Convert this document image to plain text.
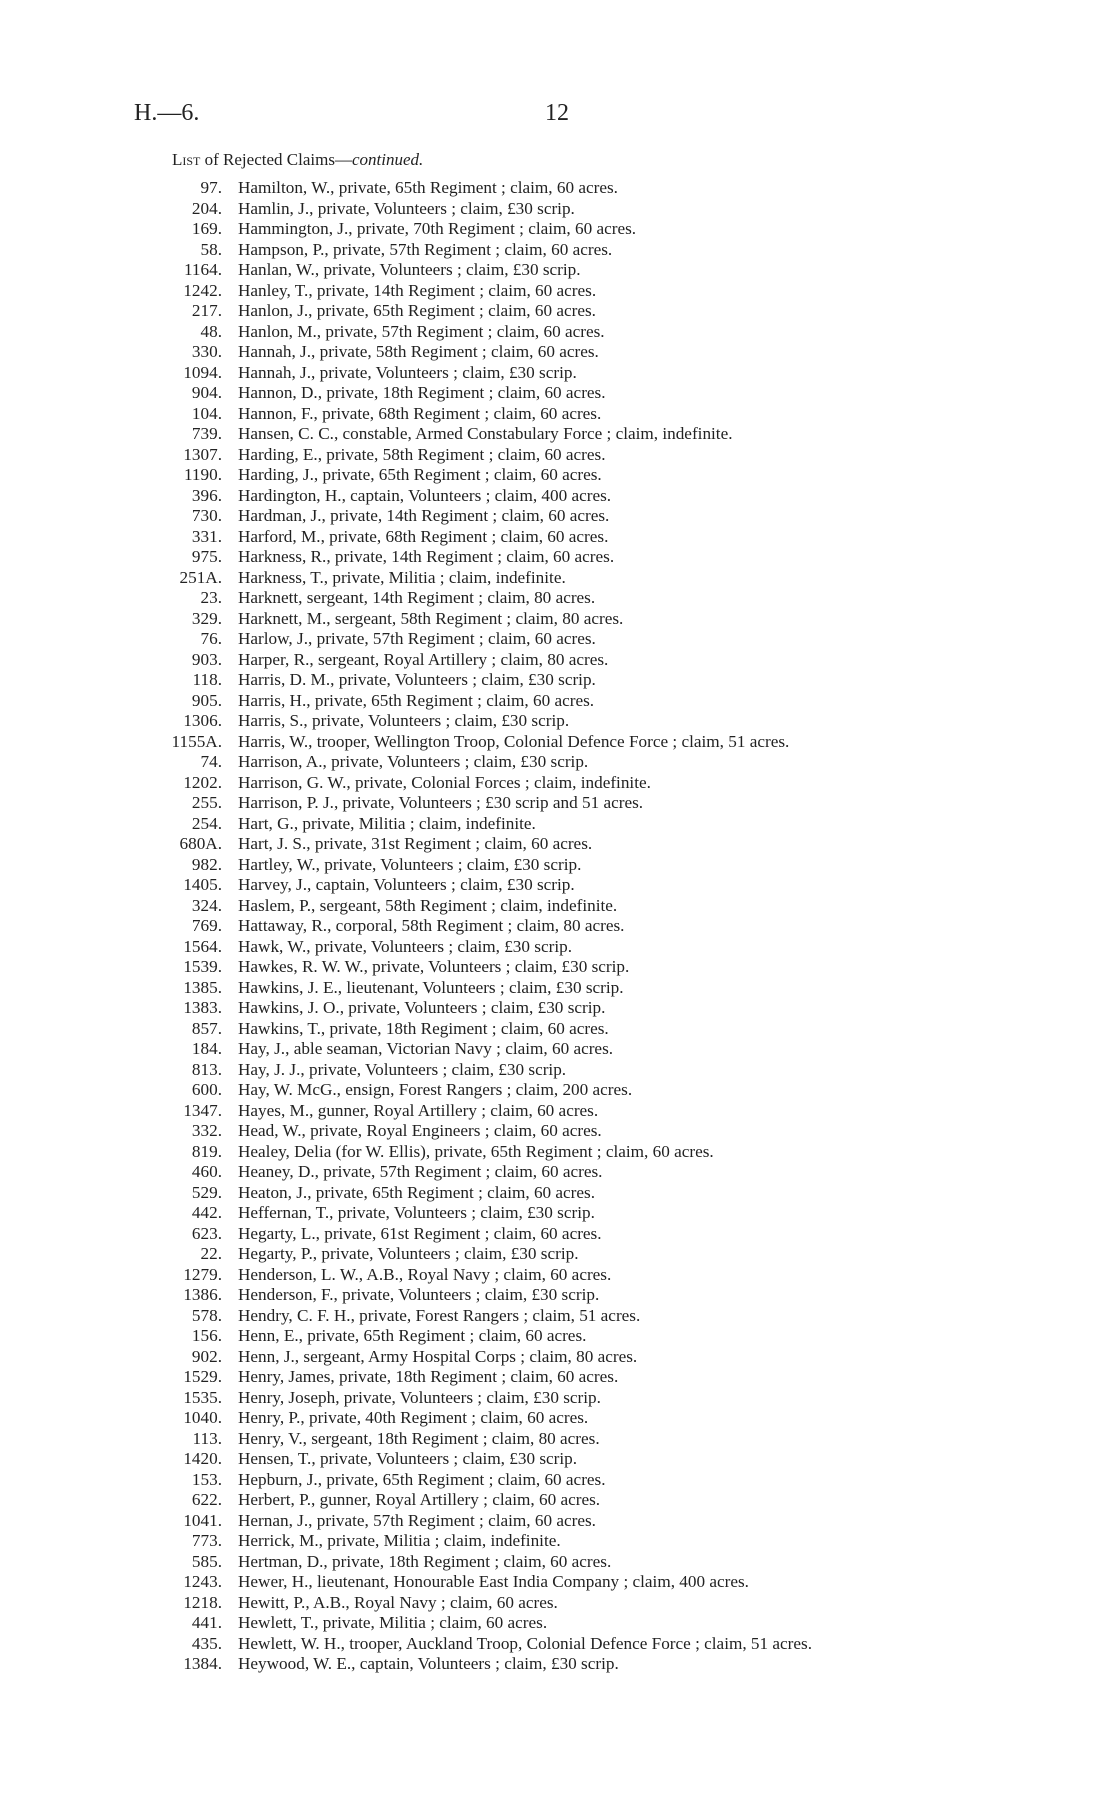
H.—6.	12
List of Rejected Claims—continued.
97. Hamilton, W., private, 65th Regiment ; claim, 60 acres.
204. Hamlin, J., private, Volunteers ; claim, £30 scrip.
169. Hammington, J., private, 70th Regiment ; claim, 60 acres.
58. Hampson, P., private, 57th Regiment ; claim, 60 acres.
1164. Hanlan, W., private, Volunteers ; claim, £30 scrip.
1242. Hanley, T., private, 14th Regiment ; claim, 60 acres.
217. Hanlon, J., private, 65th Regiment ; claim, 60 acres.
48. Hanlon, M., private, 57th Regiment ; claim, 60 acres.
330. Hannah, J., private, 58th Regiment ; claim, 60 acres.
1094. Hannah, J., private, Volunteers ; claim, £30 scrip.
904. Hannon, D., private, 18th Regiment ; claim, 60 acres.
104. Hannon, F., private, 68th Regiment ; claim, 60 acres.
739. Hansen, C. C., constable, Armed Constabulary Force ; claim, indefinite.
1307. Harding, E., private, 58th Regiment ; claim, 60 acres.
1190. Harding, J., private, 65th Regiment ; claim, 60 acres.
396. Hardington, H., captain, Volunteers ; claim, 400 acres.
730. Hardman, J., private, 14th Regiment ; claim, 60 acres.
331. Harford, M., private, 68th Regiment ; claim, 60 acres.
975. Harkness, R., private, 14th Regiment ; claim, 60 acres.
251A. Harkness, T., private, Militia ; claim, indefinite.
23. Harknett, sergeant, 14th Regiment ; claim, 80 acres.
329. Harknett, M., sergeant, 58th Regiment ; claim, 80 acres.
76. Harlow, J., private, 57th Regiment ; claim, 60 acres.
903. Harper, R., sergeant, Royal Artillery ; claim, 80 acres.
118. Harris, D. M., private, Volunteers ; claim, £30 scrip.
905. Harris, H., private, 65th Regiment ; claim, 60 acres.
1306. Harris, S., private, Volunteers ; claim, £30 scrip.
1155A. Harris, W., trooper, Wellington Troop, Colonial Defence Force ; claim, 51 acres.
74. Harrison, A., private, Volunteers ; claim, £30 scrip.
1202. Harrison, G. W., private, Colonial Forces ; claim, indefinite.
255. Harrison, P. J., private, Volunteers ; £30 scrip and 51 acres.
254. Hart, G., private, Militia ; claim, indefinite.
680A. Hart, J. S., private, 31st Regiment ; claim, 60 acres.
982. Hartley, W., private, Volunteers ; claim, £30 scrip.
1405. Harvey, J., captain, Volunteers ; claim, £30 scrip.
324. Haslem, P., sergeant, 58th Regiment ; claim, indefinite.
769. Hattaway, R., corporal, 58th Regiment ; claim, 80 acres.
1564. Hawk, W., private, Volunteers ; claim, £30 scrip.
1539. Hawkes, R. W. W., private, Volunteers ; claim, £30 scrip.
1385. Hawkins, J. E., lieutenant, Volunteers ; claim, £30 scrip.
1383. Hawkins, J. O., private, Volunteers ; claim, £30 scrip.
857. Hawkins, T., private, 18th Regiment ; claim, 60 acres.
184. Hay, J., able seaman, Victorian Navy ; claim, 60 acres.
813. Hay, J. J., private, Volunteers ; claim, £30 scrip.
600. Hay, W. McG., ensign, Forest Rangers ; claim, 200 acres.
1347. Hayes, M., gunner, Royal Artillery ; claim, 60 acres.
332. Head, W., private, Royal Engineers ; claim, 60 acres.
819. Healey, Delia (for W. Ellis), private, 65th Regiment ; claim, 60 acres.
460. Heaney, D., private, 57th Regiment ; claim, 60 acres.
529. Heaton, J., private, 65th Regiment ; claim, 60 acres.
442. Heffernan, T., private, Volunteers ; claim, £30 scrip.
623. Hegarty, L., private, 61st Regiment ; claim, 60 acres.
22. Hegarty, P., private, Volunteers ; claim, £30 scrip.
1279. Henderson, L. W., A.B., Royal Navy ; claim, 60 acres.
1386. Henderson, F., private, Volunteers ; claim, £30 scrip.
578. Hendry, C. F. H., private, Forest Rangers ; claim, 51 acres.
156. Henn, E., private, 65th Regiment ; claim, 60 acres.
902. Henn, J., sergeant, Army Hospital Corps ; claim, 80 acres.
1529. Henry, James, private, 18th Regiment ; claim, 60 acres.
1535. Henry, Joseph, private, Volunteers ; claim, £30 scrip.
1040. Henry, P., private, 40th Regiment ; claim, 60 acres.
113. Henry, V., sergeant, 18th Regiment ; claim, 80 acres.
1420. Hensen, T., private, Volunteers ; claim, £30 scrip.
153. Hepburn, J., private, 65th Regiment ; claim, 60 acres.
622. Herbert, P., gunner, Royal Artillery ; claim, 60 acres.
1041. Hernan, J., private, 57th Regiment ; claim, 60 acres.
773. Herrick, M., private, Militia ; claim, indefinite.
585. Hertman, D., private, 18th Regiment ; claim, 60 acres.
1243. Hewer, H., lieutenant, Honourable East India Company ; claim, 400 acres.
1218. Hewitt, P., A.B., Royal Navy ; claim, 60 acres.
441. Hewlett, T., private, Militia ; claim, 60 acres.
435. Hewlett, W. H., trooper, Auckland Troop, Colonial Defence Force ; claim, 51 acres.
1384. Heywood, W. E., captain, Volunteers ; claim, £30 scrip.
